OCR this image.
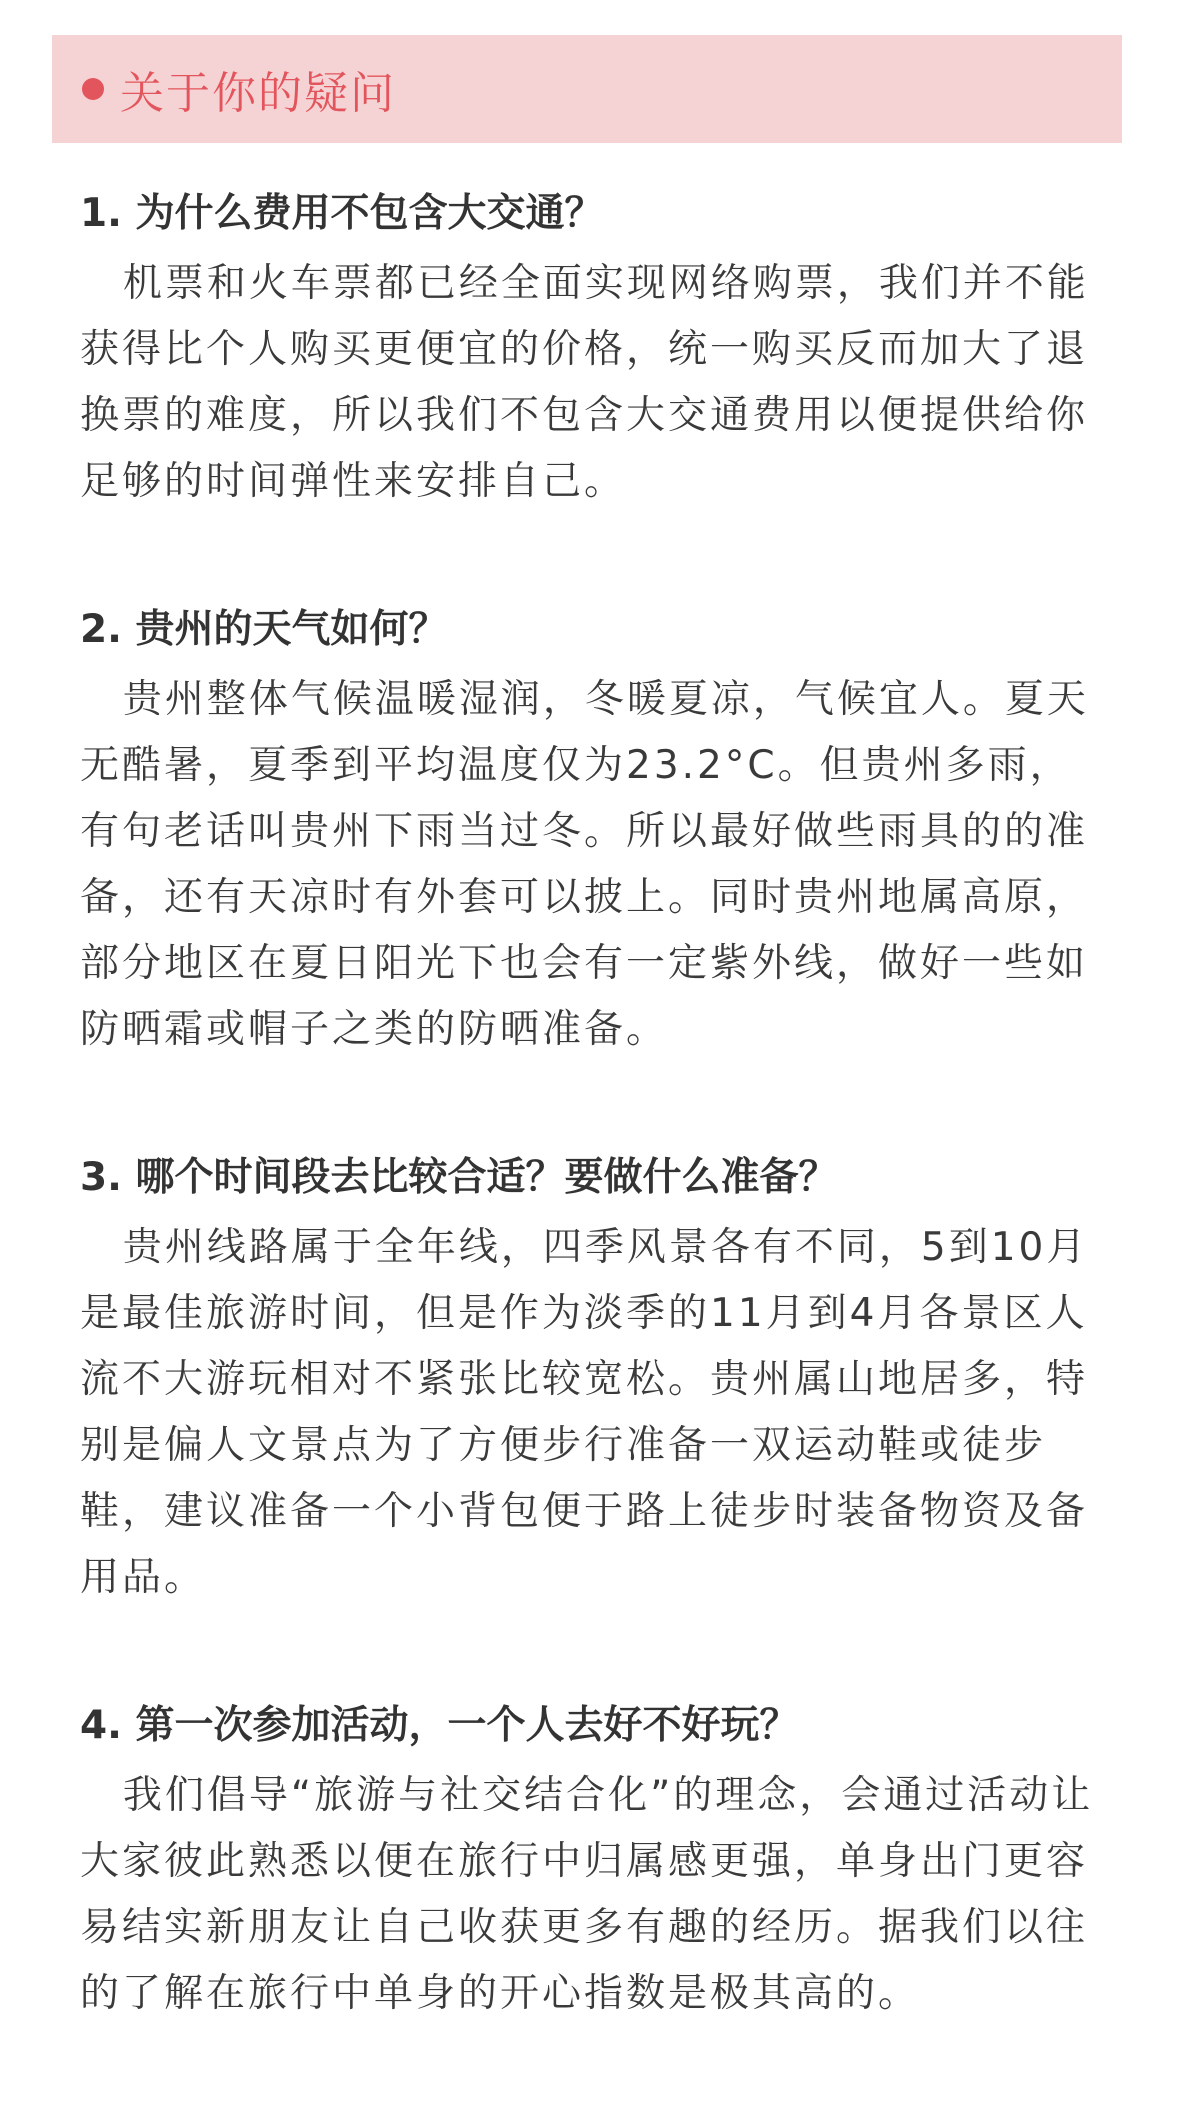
关于你的疑问
1. 为什么费用不包含大交通？

机票和火车票都已经全面实现网络购票，我们并不能获得比个人购买更便宜的价格，统一购买反而加大了退换票的难度，所以我们不包含大交通费用以便提供给你足够的时间弹性来安排自己。

2. 贵州的天气如何？

贵州整体气候温暖湿润，冬暖夏凉，气候宜人。夏天无酷暑，夏季到平均温度仅为23.2°C。但贵州多雨，有句老话叫贵州下雨当过冬。所以最好做些雨具的的准备，还有天凉时有外套可以披上。同时贵州地属高原，部分地区在夏日阳光下也会有一定紫外线，做好一些如防晒霜或帽子之类的防晒准备。

3. 哪个时间段去比较合适？要做什么准备？

贵州线路属于全年线，四季风景各有不同，5到10月是最佳旅游时间，但是作为淡季的11月到4月各景区人流不大游玩相对不紧张比较宽松。贵州属山地居多，特别是偏人文景点为了方便步行准备一双运动鞋或徒步鞋，建议准备一个小背包便于路上徒步时装备物资及备用品。

4. 第一次参加活动，一个人去好不好玩？

我们倡导“旅游与社交结合化”的理念，会通过活动让大家彼此熟悉以便在旅行中归属感更强，单身出门更容易结实新朋友让自己收获更多有趣的经历。据我们以往的了解在旅行中单身的开心指数是极其高的。
